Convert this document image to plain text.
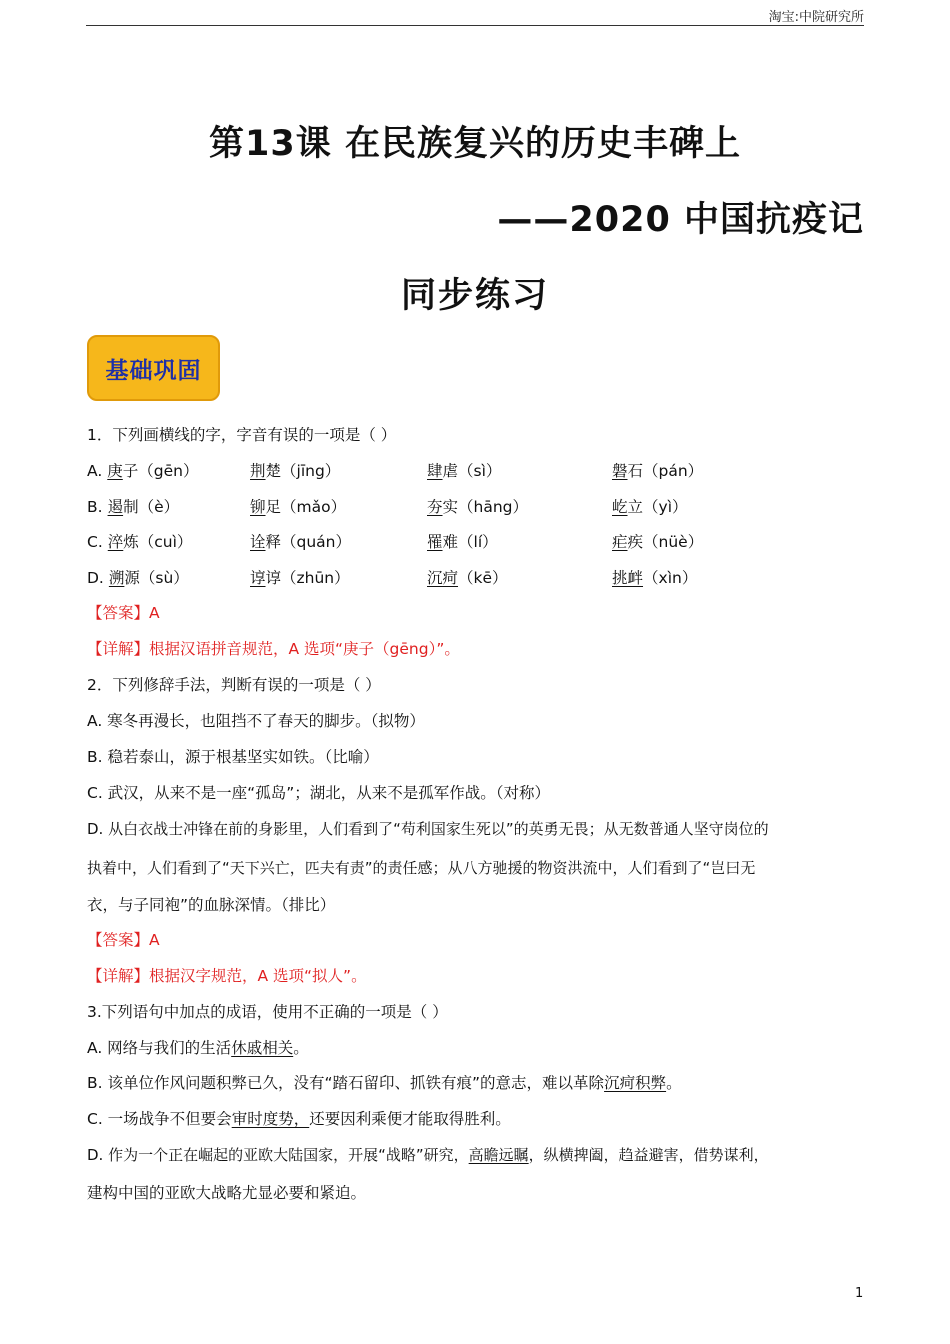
淘宝:中院研究所
第13课 在民族复兴的历史丰碑上
——2020 中国抗疫记
同步练习
基础巩固
1．下列画横线的字，字音有误的一项是（ ）
A. 庚子（gēn）	荆楚（jīng）	肆虐（sì）	磐石（pán）
B. 遏制（è）	铆足（mǎo）	夯实（hāng）	屹立（yì）
C. 淬炼（cuì）	诠释（quán）	罹难（lí）	疟疾（nüè）
D. 溯源（sù）	谆谆（zhūn）	沉疴（kē）	挑衅（xìn）
【答案】A
【详解】根据汉语拼音规范，A 选项“庚子（gēng）”。
2．下列修辞手法，判断有误的一项是（ ）
A. 寒冬再漫长，也阻挡不了春天的脚步。（拟物）
B. 稳若泰山，源于根基坚实如铁。（比喻）
C. 武汉，从来不是一座“孤岛”；湖北，从来不是孤军作战。（对称）
D. 从白衣战士冲锋在前的身影里，人们看到了“苟利国家生死以”的英勇无畏；从无数普通人坚守岗位的
执着中，人们看到了“天下兴亡，匹夫有责”的责任感；从八方驰援的物资洪流中，人们看到了“岂曰无
衣，与子同袍”的血脉深情。（排比）
【答案】A
【详解】根据汉字规范，A 选项“拟人”。
3.下列语句中加点的成语，使用不正确的一项是（ ）
A. 网络与我们的生活休戚相关。
B. 该单位作风问题积弊已久，没有“踏石留印、抓铁有痕”的意志，难以革除沉疴积弊。
C. 一场战争不但要会审时度势，还要因利乘便才能取得胜利。
D. 作为一个正在崛起的亚欧大陆国家，开展“战略”研究，高瞻远瞩，纵横捭阖，趋益避害，借势谋利，
建构中国的亚欧大战略尤显必要和紧迫。
1
